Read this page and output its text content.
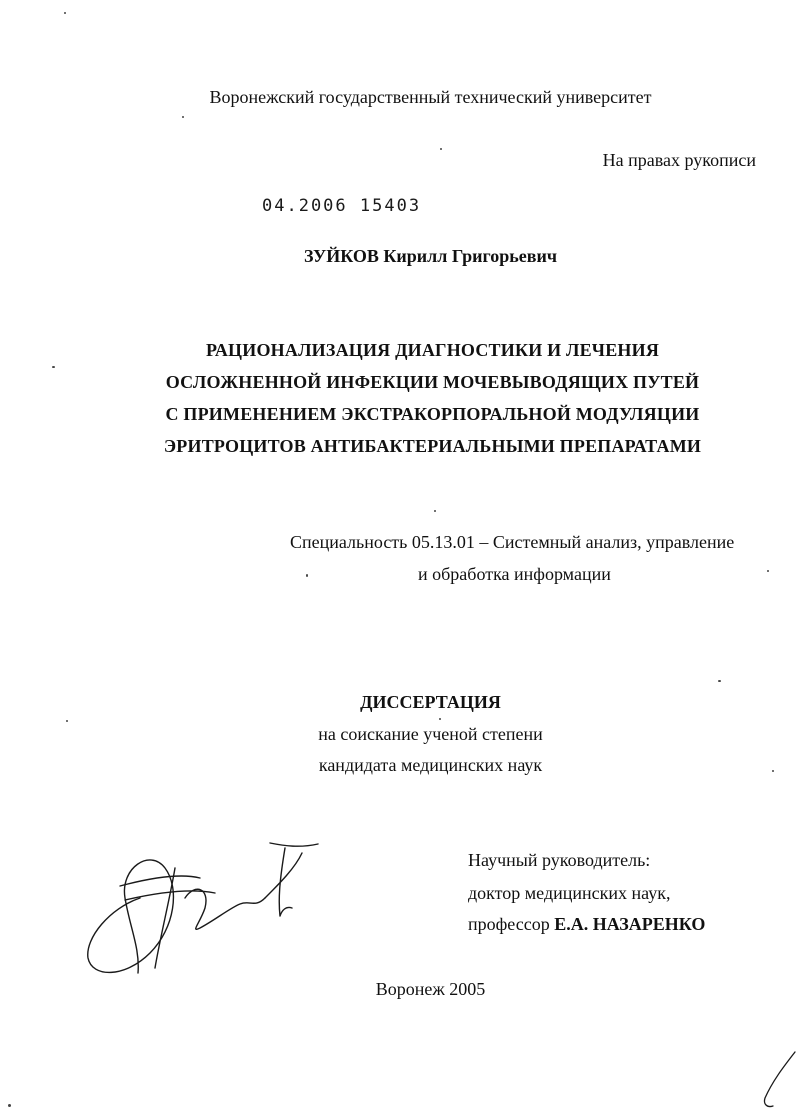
Воронежский государственный технический университет
На правах рукописи
04.2006 15403
ЗУЙКОВ Кирилл Григорьевич
РАЦИОНАЛИЗАЦИЯ ДИАГНОСТИКИ И ЛЕЧЕНИЯ
ОСЛОЖНЕННОЙ ИНФЕКЦИИ МОЧЕВЫВОДЯЩИХ ПУТЕЙ
С ПРИМЕНЕНИЕМ ЭКСТРАКОРПОРАЛЬНОЙ МОДУЛЯЦИИ
ЭРИТРОЦИТОВ АНТИБАКТЕРИАЛЬНЫМИ ПРЕПАРАТАМИ
Специальность 05.13.01 – Системный анализ, управление
и обработка информации
ДИССЕРТАЦИЯ
на соискание ученой степени
кандидата медицинских наук
Научный руководитель:
доктор медицинских наук,
профессор Е.А. НАЗАРЕНКО
Воронеж 2005
